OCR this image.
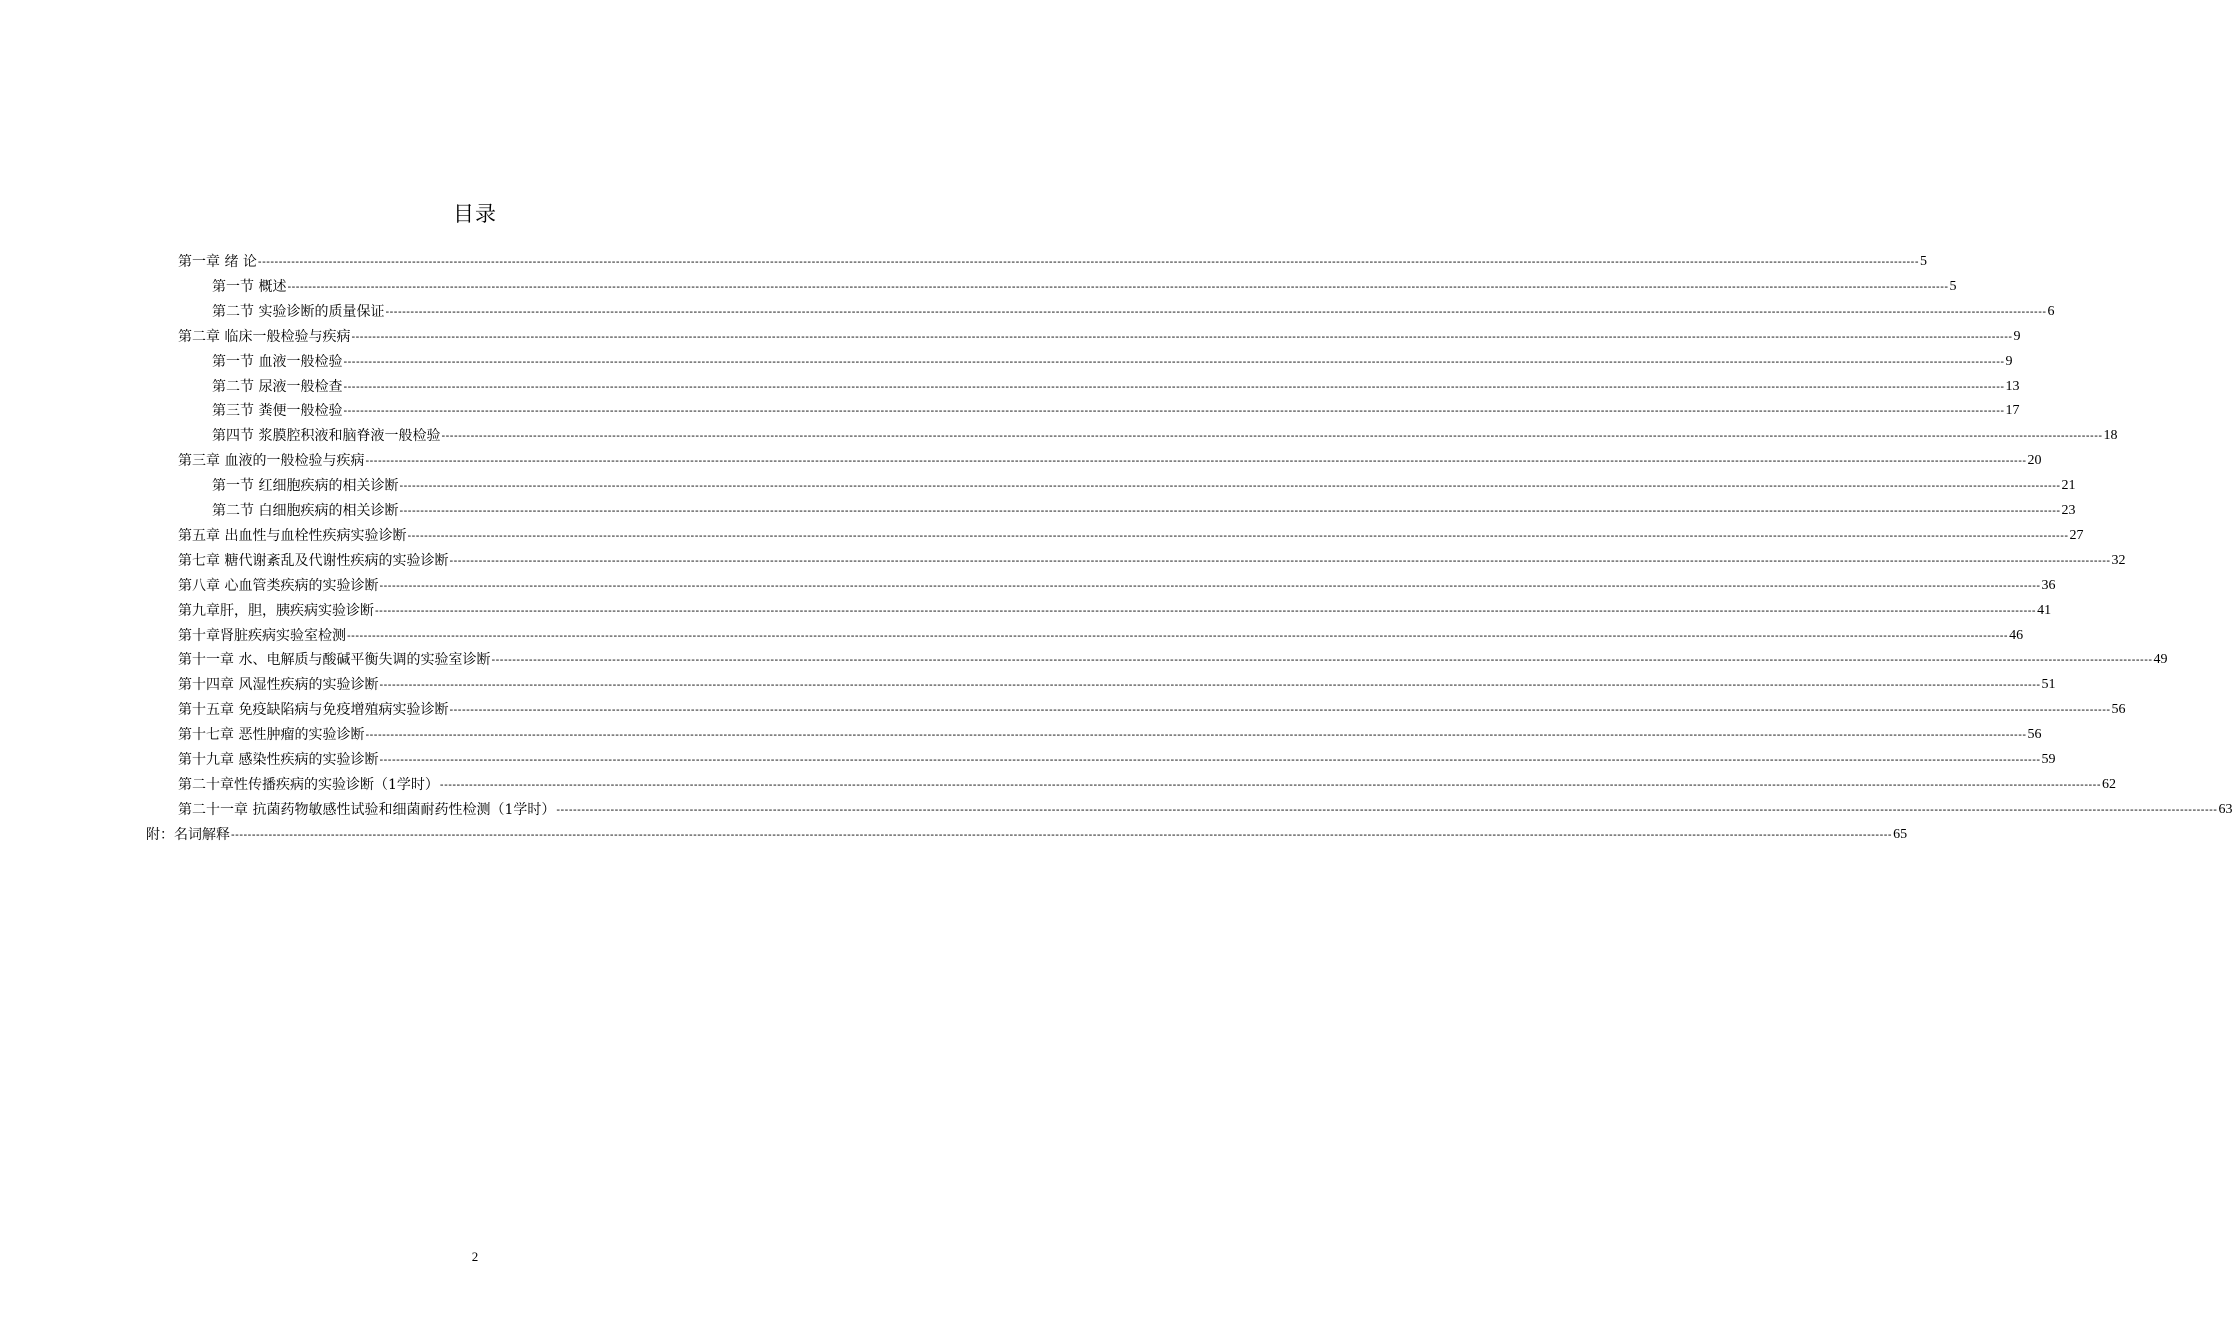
目录
第一章 绪 论 --------------------------------------------------------------------------------------------------------------------------------------------------------------------------------------------------------------------------------------------------------------------------------------------------------------------------------------------------------------------------------------------------------------- 5
第一节 概述 --------------------------------------------------------------------------------------------------------------------------------------------------------------------------------------------------------------------------------------------------------------------------------------------------------------------------------------------------------------------------------------------------------------- 5
第二节 实验诊断的质量保证 --------------------------------------------------------------------------------------------------------------------------------------------------------------------------------------------------------------------------------------------------------------------------------------------------------------------------------------------------------------------------------------------------------------- 6
第二章 临床一般检验与疾病 --------------------------------------------------------------------------------------------------------------------------------------------------------------------------------------------------------------------------------------------------------------------------------------------------------------------------------------------------------------------------------------------------------------- 9
第一节 血液一般检验 --------------------------------------------------------------------------------------------------------------------------------------------------------------------------------------------------------------------------------------------------------------------------------------------------------------------------------------------------------------------------------------------------------------- 9
第二节 尿液一般检查 --------------------------------------------------------------------------------------------------------------------------------------------------------------------------------------------------------------------------------------------------------------------------------------------------------------------------------------------------------------------------------------------------------------- 13
第三节 粪便一般检验 --------------------------------------------------------------------------------------------------------------------------------------------------------------------------------------------------------------------------------------------------------------------------------------------------------------------------------------------------------------------------------------------------------------- 17
第四节 浆膜腔积液和脑脊液一般检验 --------------------------------------------------------------------------------------------------------------------------------------------------------------------------------------------------------------------------------------------------------------------------------------------------------------------------------------------------------------------------------------------------------------- 18
第三章 血液的一般检验与疾病 --------------------------------------------------------------------------------------------------------------------------------------------------------------------------------------------------------------------------------------------------------------------------------------------------------------------------------------------------------------------------------------------------------------- 20
第一节 红细胞疾病的相关诊断 --------------------------------------------------------------------------------------------------------------------------------------------------------------------------------------------------------------------------------------------------------------------------------------------------------------------------------------------------------------------------------------------------------------- 21
第二节 白细胞疾病的相关诊断 --------------------------------------------------------------------------------------------------------------------------------------------------------------------------------------------------------------------------------------------------------------------------------------------------------------------------------------------------------------------------------------------------------------- 23
第五章 出血性与血栓性疾病实验诊断 --------------------------------------------------------------------------------------------------------------------------------------------------------------------------------------------------------------------------------------------------------------------------------------------------------------------------------------------------------------------------------------------------------------- 27
第七章 糖代谢紊乱及代谢性疾病的实验诊断 --------------------------------------------------------------------------------------------------------------------------------------------------------------------------------------------------------------------------------------------------------------------------------------------------------------------------------------------------------------------------------------------------------------- 32
第八章 心血管类疾病的实验诊断 --------------------------------------------------------------------------------------------------------------------------------------------------------------------------------------------------------------------------------------------------------------------------------------------------------------------------------------------------------------------------------------------------------------- 36
第九章肝，胆，胰疾病实验诊断 --------------------------------------------------------------------------------------------------------------------------------------------------------------------------------------------------------------------------------------------------------------------------------------------------------------------------------------------------------------------------------------------------------------- 41
第十章肾脏疾病实验室检测 --------------------------------------------------------------------------------------------------------------------------------------------------------------------------------------------------------------------------------------------------------------------------------------------------------------------------------------------------------------------------------------------------------------- 46
第十一章 水、电解质与酸碱平衡失调的实验室诊断 --------------------------------------------------------------------------------------------------------------------------------------------------------------------------------------------------------------------------------------------------------------------------------------------------------------------------------------------------------------------------------------------------------------- 49
第十四章 风湿性疾病的实验诊断 --------------------------------------------------------------------------------------------------------------------------------------------------------------------------------------------------------------------------------------------------------------------------------------------------------------------------------------------------------------------------------------------------------------- 51
第十五章 免疫缺陷病与免疫增殖病实验诊断 --------------------------------------------------------------------------------------------------------------------------------------------------------------------------------------------------------------------------------------------------------------------------------------------------------------------------------------------------------------------------------------------------------------- 56
第十七章 恶性肿瘤的实验诊断 --------------------------------------------------------------------------------------------------------------------------------------------------------------------------------------------------------------------------------------------------------------------------------------------------------------------------------------------------------------------------------------------------------------- 56
第十九章 感染性疾病的实验诊断 --------------------------------------------------------------------------------------------------------------------------------------------------------------------------------------------------------------------------------------------------------------------------------------------------------------------------------------------------------------------------------------------------------------- 59
第二十章性传播疾病的实验诊断（1学时） --------------------------------------------------------------------------------------------------------------------------------------------------------------------------------------------------------------------------------------------------------------------------------------------------------------------------------------------------------------------------------------------------------------- 62
第二十一章 抗菌药物敏感性试验和细菌耐药性检测（1学时） --------------------------------------------------------------------------------------------------------------------------------------------------------------------------------------------------------------------------------------------------------------------------------------------------------------------------------------------------------------------------------------------------------------- 63
附：名词解释 --------------------------------------------------------------------------------------------------------------------------------------------------------------------------------------------------------------------------------------------------------------------------------------------------------------------------------------------------------------------------------------------------------------- 65
2
